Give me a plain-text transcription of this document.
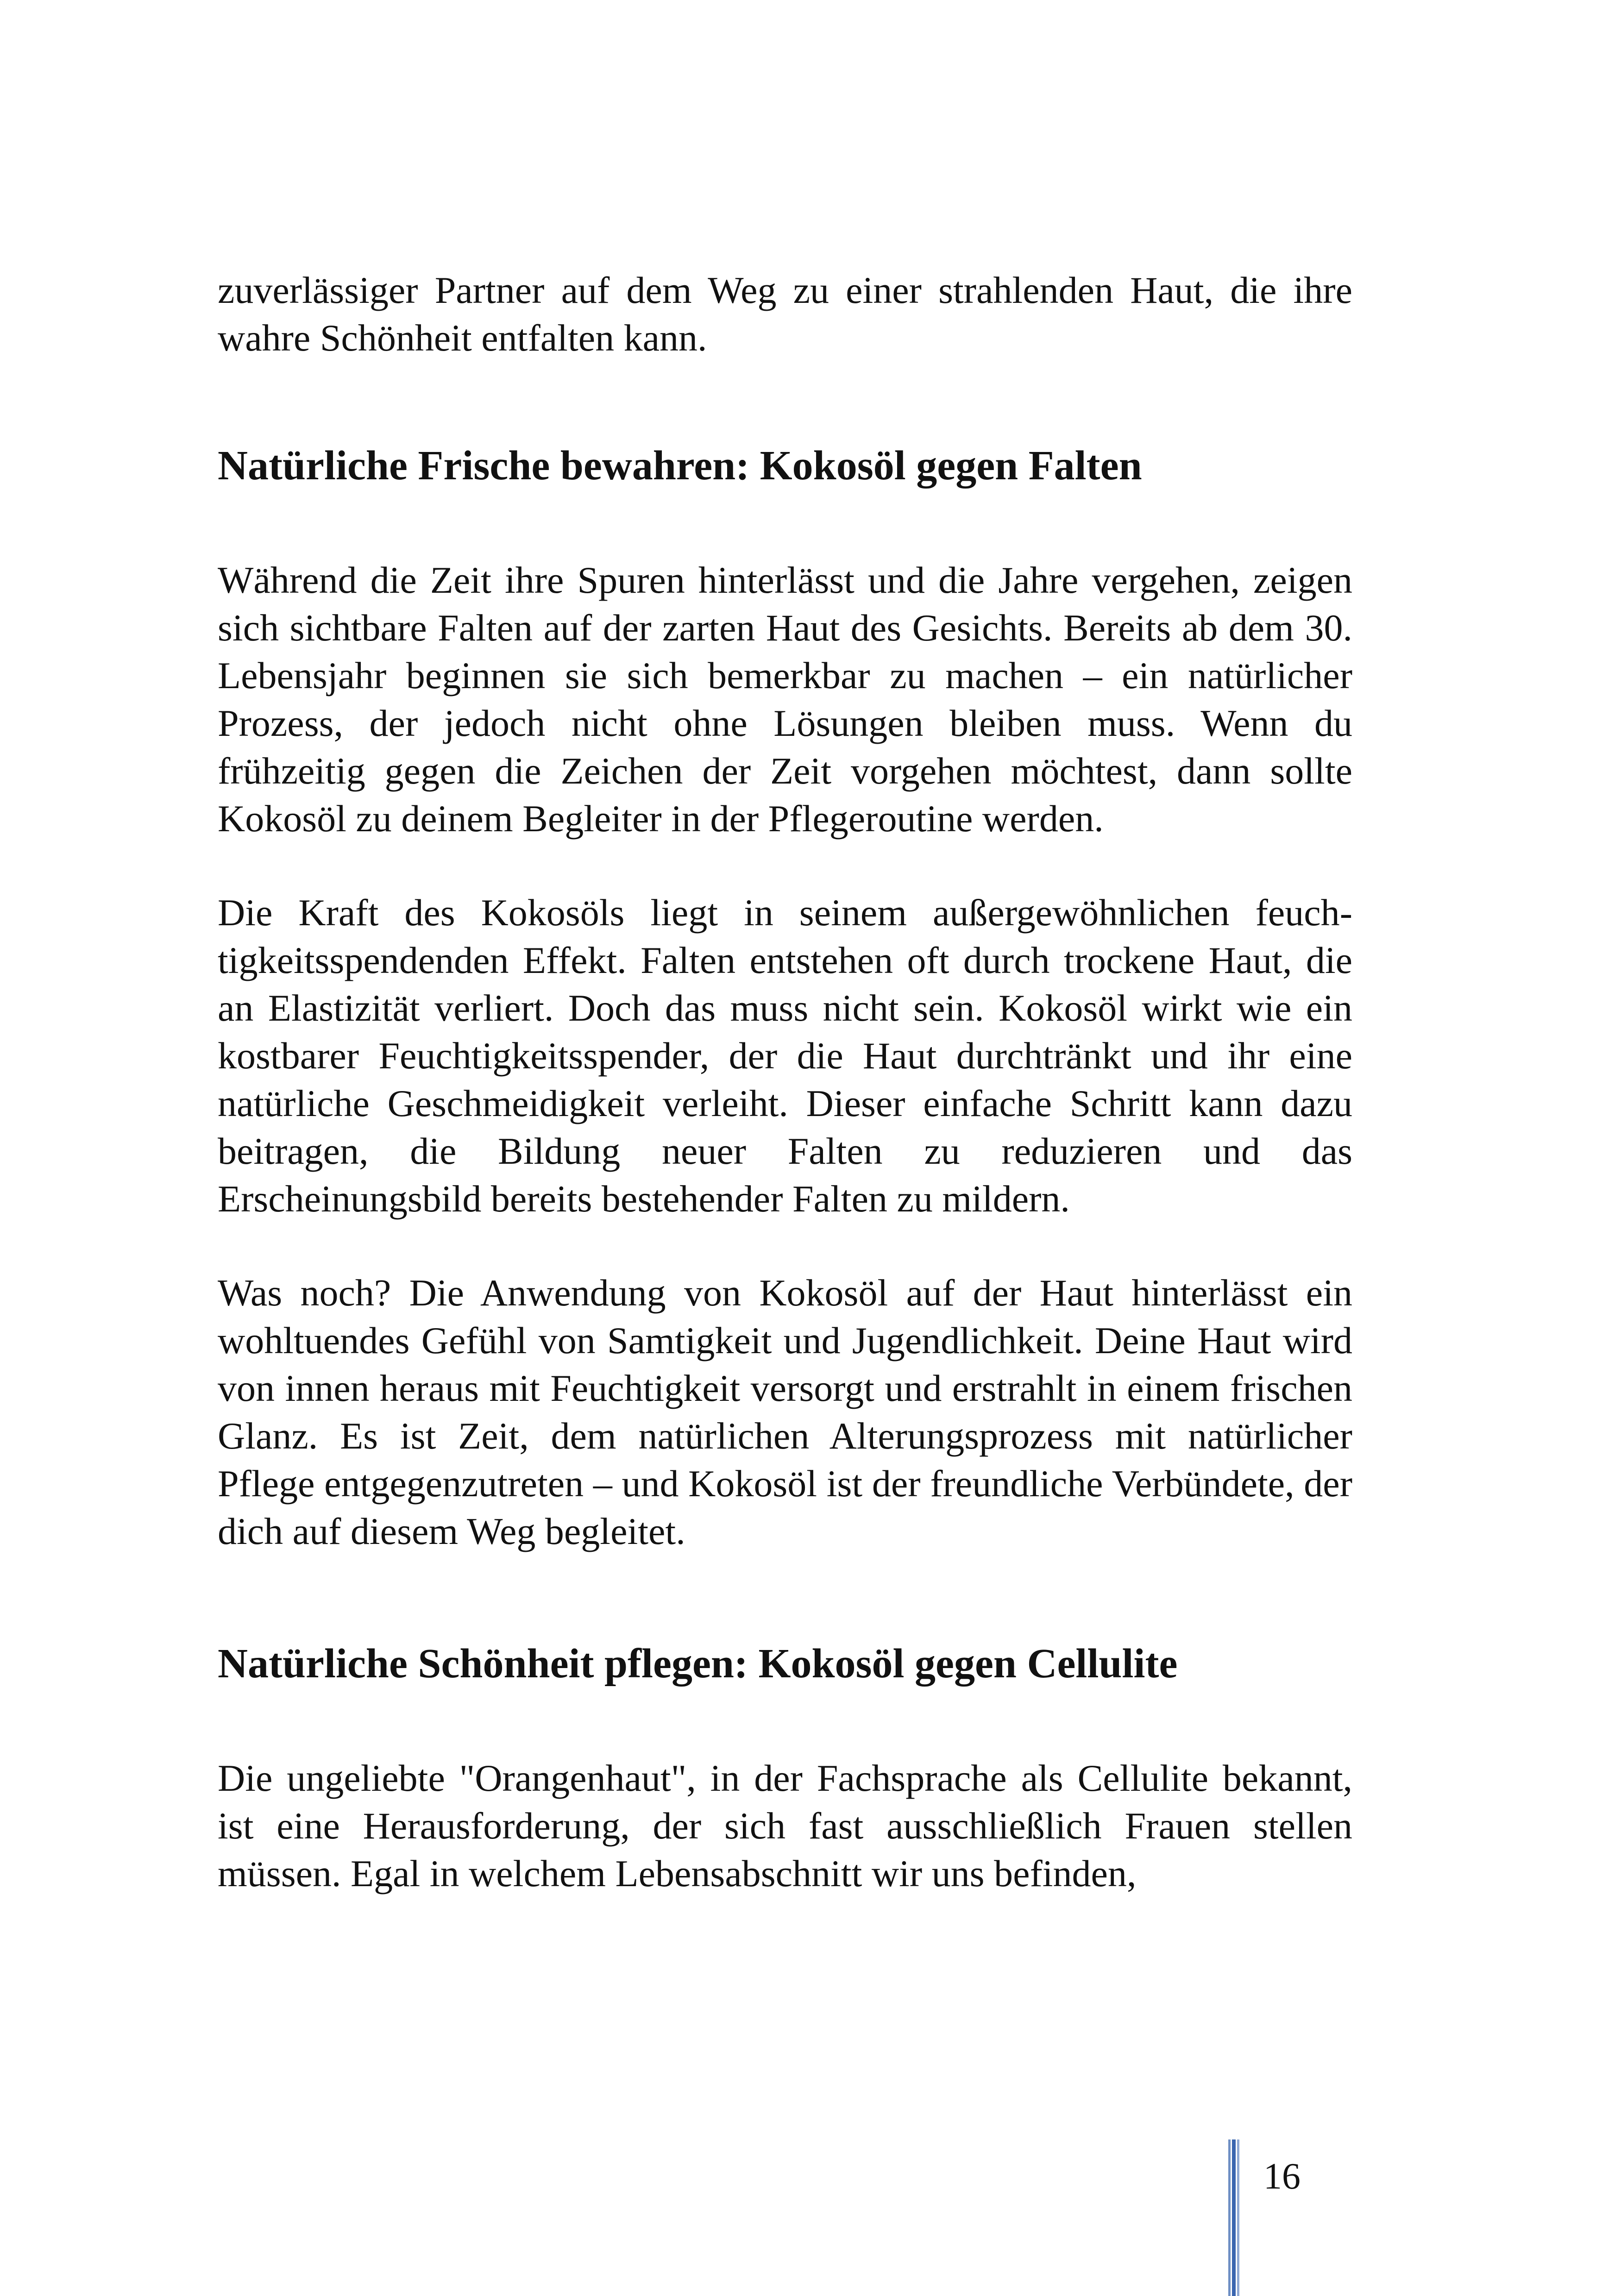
zuverlässiger Partner auf dem Weg zu einer strahlenden Haut, die ihre wahre Schönheit entfalten kann.

Natürliche Frische bewahren: Kokosöl gegen Falten

Während die Zeit ihre Spuren hinterlässt und die Jahre vergehen, zeigen sich sichtbare Falten auf der zarten Haut des Gesichts. Bereits ab dem 30. Lebensjahr beginnen sie sich bemerkbar zu machen – ein natürlicher Prozess, der jedoch nicht ohne Lösungen bleiben muss. Wenn du frühzeitig gegen die Zeichen der Zeit vorgehen möchtest, dann sollte Kokosöl zu deinem Begleiter in der Pflegeroutine werden.

Die Kraft des Kokosöls liegt in seinem außergewöhnlichen feuchtigkeitsspendenden Effekt. Falten entstehen oft durch trockene Haut, die an Elastizität verliert. Doch das muss nicht sein. Kokosöl wirkt wie ein kostbarer Feuchtigkeitsspender, der die Haut durchtränkt und ihr eine natürliche Geschmeidigkeit verleiht. Dieser einfache Schritt kann dazu beitragen, die Bildung neuer Falten zu reduzieren und das Erscheinungsbild bereits bestehender Falten zu mildern.

Was noch? Die Anwendung von Kokosöl auf der Haut hinterlässt ein wohltuendes Gefühl von Samtigkeit und Jugendlichkeit. Deine Haut wird von innen heraus mit Feuchtigkeit versorgt und erstrahlt in einem frischen Glanz. Es ist Zeit, dem natürlichen Alterungsprozess mit natürlicher Pflege entgegenzutreten – und Kokosöl ist der freundliche Verbündete, der dich auf diesem Weg begleitet.

Natürliche Schönheit pflegen: Kokosöl gegen Cellulite

Die ungeliebte "Orangenhaut", in der Fachsprache als Cellulite bekannt, ist eine Herausforderung, der sich fast ausschließlich Frauen stellen müssen. Egal in welchem Lebensabschnitt wir uns befinden,

16
